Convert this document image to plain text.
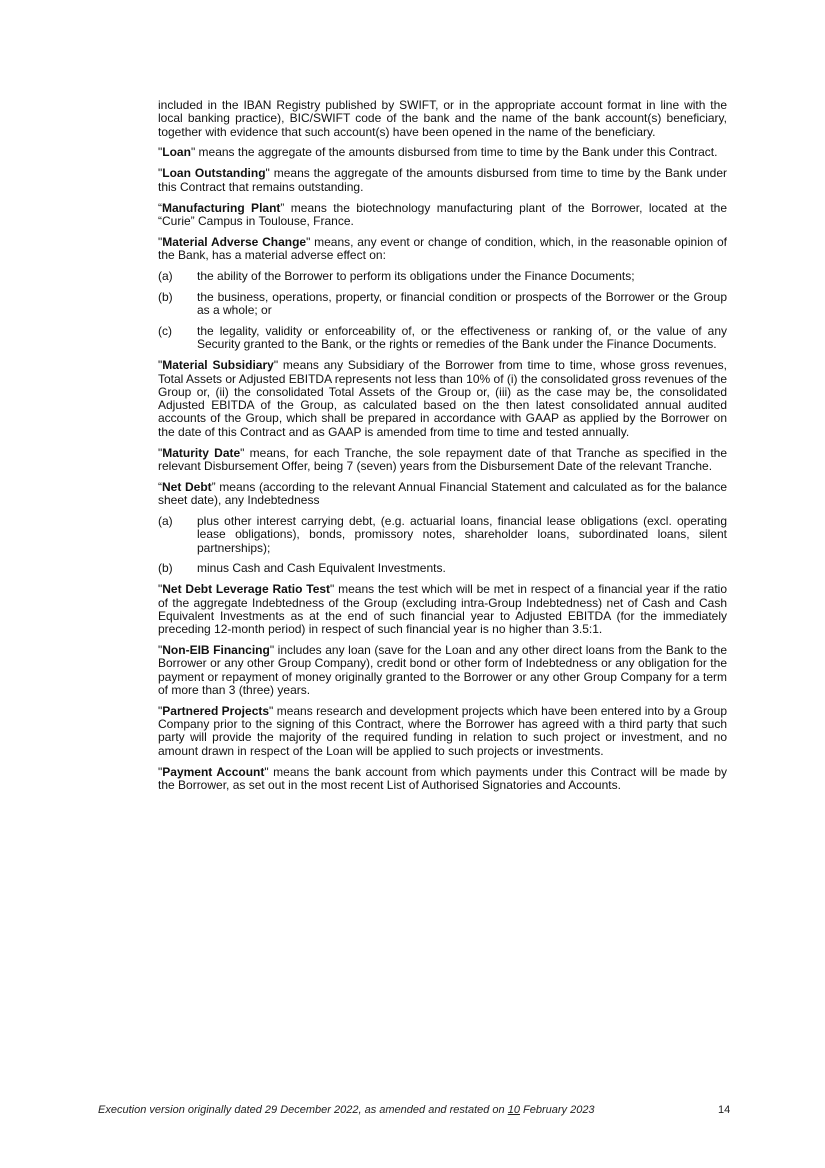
included in the IBAN Registry published by SWIFT, or in the appropriate account format in line with the local banking practice), BIC/SWIFT code of the bank and the name of the bank account(s) beneficiary, together with evidence that such account(s) have been opened in the name of the beneficiary.

"Loan" means the aggregate of the amounts disbursed from time to time by the Bank under this Contract.

"Loan Outstanding" means the aggregate of the amounts disbursed from time to time by the Bank under this Contract that remains outstanding.

“Manufacturing Plant” means the biotechnology manufacturing plant of the Borrower, located at the “Curie” Campus in Toulouse, France.

"Material Adverse Change" means, any event or change of condition, which, in the reasonable opinion of the Bank, has a material adverse effect on:

(a)	the ability of the Borrower to perform its obligations under the Finance Documents;
(b)	the business, operations, property, or financial condition or prospects of the Borrower or the Group as a whole; or
(c)	the legality, validity or enforceability of, or the effectiveness or ranking of, or the value of any Security granted to the Bank, or the rights or remedies of the Bank under the Finance Documents.

"Material Subsidiary" means any Subsidiary of the Borrower from time to time, whose gross revenues, Total Assets or Adjusted EBITDA represents not less than 10% of (i) the consolidated gross revenues of the Group or, (ii) the consolidated Total Assets of the Group or, (iii) as the case may be, the consolidated Adjusted EBITDA of the Group, as calculated based on the then latest consolidated annual audited accounts of the Group, which shall be prepared in accordance with GAAP as applied by the Borrower on the date of this Contract and as GAAP is amended from time to time and tested annually.

"Maturity Date" means, for each Tranche, the sole repayment date of that Tranche as specified in the relevant Disbursement Offer, being 7 (seven) years from the Disbursement Date of the relevant Tranche.

“Net Debt” means (according to the relevant Annual Financial Statement and calculated as for the balance sheet date), any Indebtedness

(a)	plus other interest carrying debt, (e.g. actuarial loans, financial lease obligations (excl. operating lease obligations), bonds, promissory notes, shareholder loans, subordinated loans, silent partnerships);
(b)	minus Cash and Cash Equivalent Investments.

"Net Debt Leverage Ratio Test" means the test which will be met in respect of a financial year if the ratio of the aggregate Indebtedness of the Group (excluding intra-Group Indebtedness) net of Cash and Cash Equivalent Investments as at the end of such financial year to Adjusted EBITDA (for the immediately preceding 12-month period) in respect of such financial year is no higher than 3.5:1.

"Non-EIB Financing" includes any loan (save for the Loan and any other direct loans from the Bank to the Borrower or any other Group Company), credit bond or other form of Indebtedness or any obligation for the payment or repayment of money originally granted to the Borrower or any other Group Company for a term of more than 3 (three) years.

"Partnered Projects" means research and development projects which have been entered into by a Group Company prior to the signing of this Contract, where the Borrower has agreed with a third party that such party will provide the majority of the required funding in relation to such project or investment, and no amount drawn in respect of the Loan will be applied to such projects or investments.

"Payment Account" means the bank account from which payments under this Contract will be made by the Borrower, as set out in the most recent List of Authorised Signatories and Accounts.

Execution version originally dated 29 December 2022, as amended and restated on 10 February 2023	14
